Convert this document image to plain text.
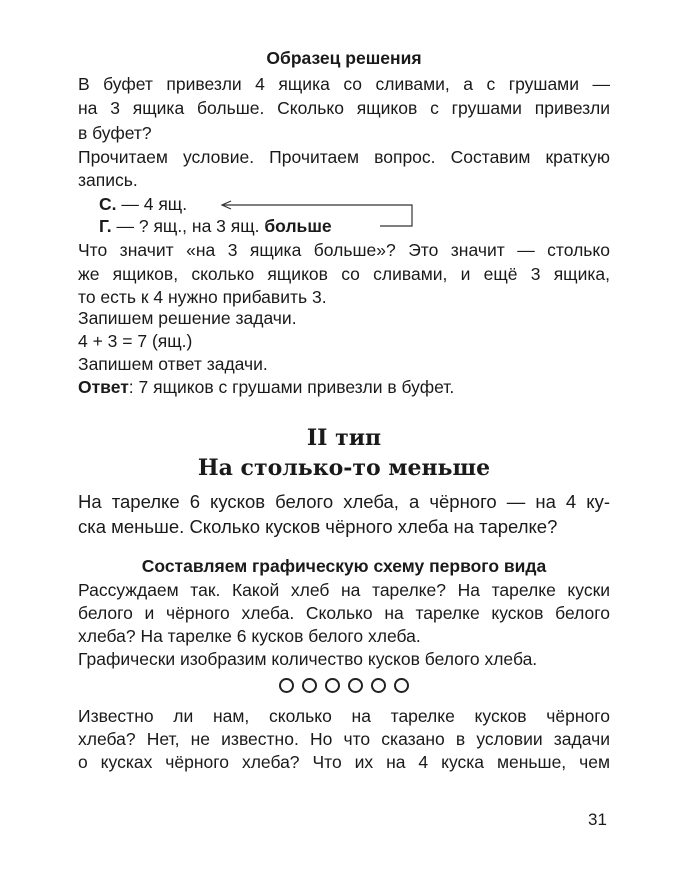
Образец решения
В буфет привезли 4 ящика со сливами, а с грушами —
на 3 ящика больше. Сколько ящиков с грушами привезли
в буфет?
Прочитаем условие. Прочитаем вопрос. Составим краткую
запись.
С. — 4 ящ.
Г. — ? ящ., на 3 ящ. больше
Что значит «на 3 ящика больше»? Это значит — столько
же ящиков, сколько ящиков со сливами, и ещё 3 ящика,
то есть к 4 нужно прибавить 3.
Запишем решение задачи.
4 + 3 = 7 (ящ.)
Запишем ответ задачи.
Ответ: 7 ящиков с грушами привезли в буфет.
II тип
На столько-то меньше
На тарелке 6 кусков белого хлеба, а чёрного — на 4 ку-
ска меньше. Сколько кусков чёрного хлеба на тарелке?
Составляем графическую схему первого вида
Рассуждаем так. Какой хлеб на тарелке? На тарелке куски
белого и чёрного хлеба. Сколько на тарелке кусков белого
хлеба? На тарелке 6 кусков белого хлеба.
Графически изобразим количество кусков белого хлеба.
Известно ли нам, сколько на тарелке кусков чёрного
хлеба? Нет, не известно. Но что сказано в условии задачи
о кусках чёрного хлеба? Что их на 4 куска меньше, чем
31
